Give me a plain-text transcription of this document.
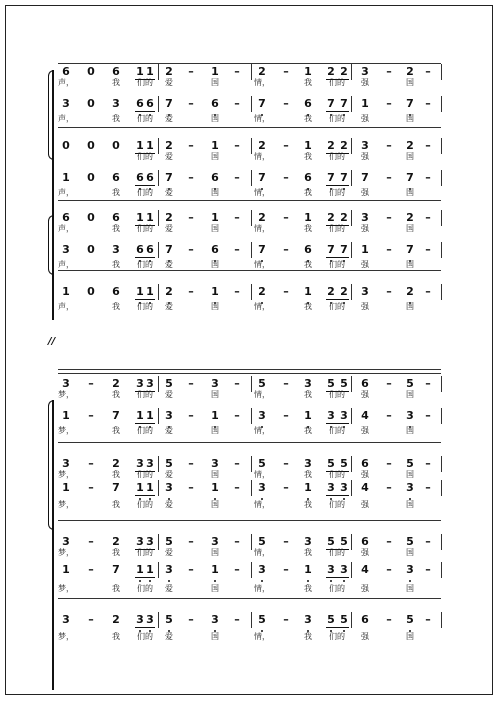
6 0 6 1 1 2 – 1 – 2 – 1 2 2 3 – 2 –
声，	我	们的	爱	国	情，	我	们的	强	国
3 0 3 6 6 7 – 6 – 7 – 6 7 7 1 – 7 –
声，	我	们的	爱	国	情，	我	们的	强	国
0 0 0 1 1 2 – 1 – 2 – 1 2 2 3 – 2 –
们的	爱	国	情，	我	们的	强	国
1 0 6 6 6 7 – 6 – 7 – 6 7 7 7 – 7 –
声，	我	们的	爱	国	情，	我	们的	强	国
6 0 6 1 1 2 – 1 – 2 – 1 2 2 3 – 2 –
声，	我	们的	爱	国	情，	我	们的	强	国
3 0 3 6 6 7 – 6 – 7 – 6 7 7 1 – 7 –
声，	我	们的	爱	国	情，	我	们的	强	国
1 0 6 1 1 2 – 1 – 2 – 1 2 2 3 – 2 –
声，	我	们的	爱	国	情，	我	们的	强	国
//
3 – 2 3 3 5 – 3 – 5 – 3 5 5 6 – 5 –
梦，	我	们的	爱	国	情，	我	们的	强	国
1 – 7 1 1 3 – 1 – 3 – 1 3 3 4 – 3 –
梦，	我	们的	爱	国	情，	我	们的	强	国
3 – 2 3 3 5 – 3 – 5 – 3 5 5 6 – 5 –
梦，	我	们的	爱	国	情，	我	们的	强	国
1 – 7 1 1 3 – 1 – 3 – 1 3 3 4 – 3 –
梦，	我	们的	爱	国	情，	我	们的	强	国
3 – 2 3 3 5 – 3 – 5 – 3 5 5 6 – 5 –
梦，	我	们的	爱	国	情，	我	们的	强	国
1 – 7 1 1 3 – 1 – 3 – 1 3 3 4 – 3 –
梦，	我	们的	爱	国	情，	我	们的	强	国
3 – 2 3 3 5 – 3 – 5 – 3 5 5 6 – 5 –
梦，	我	们的	爱	国	情，	我	们的	强	国
